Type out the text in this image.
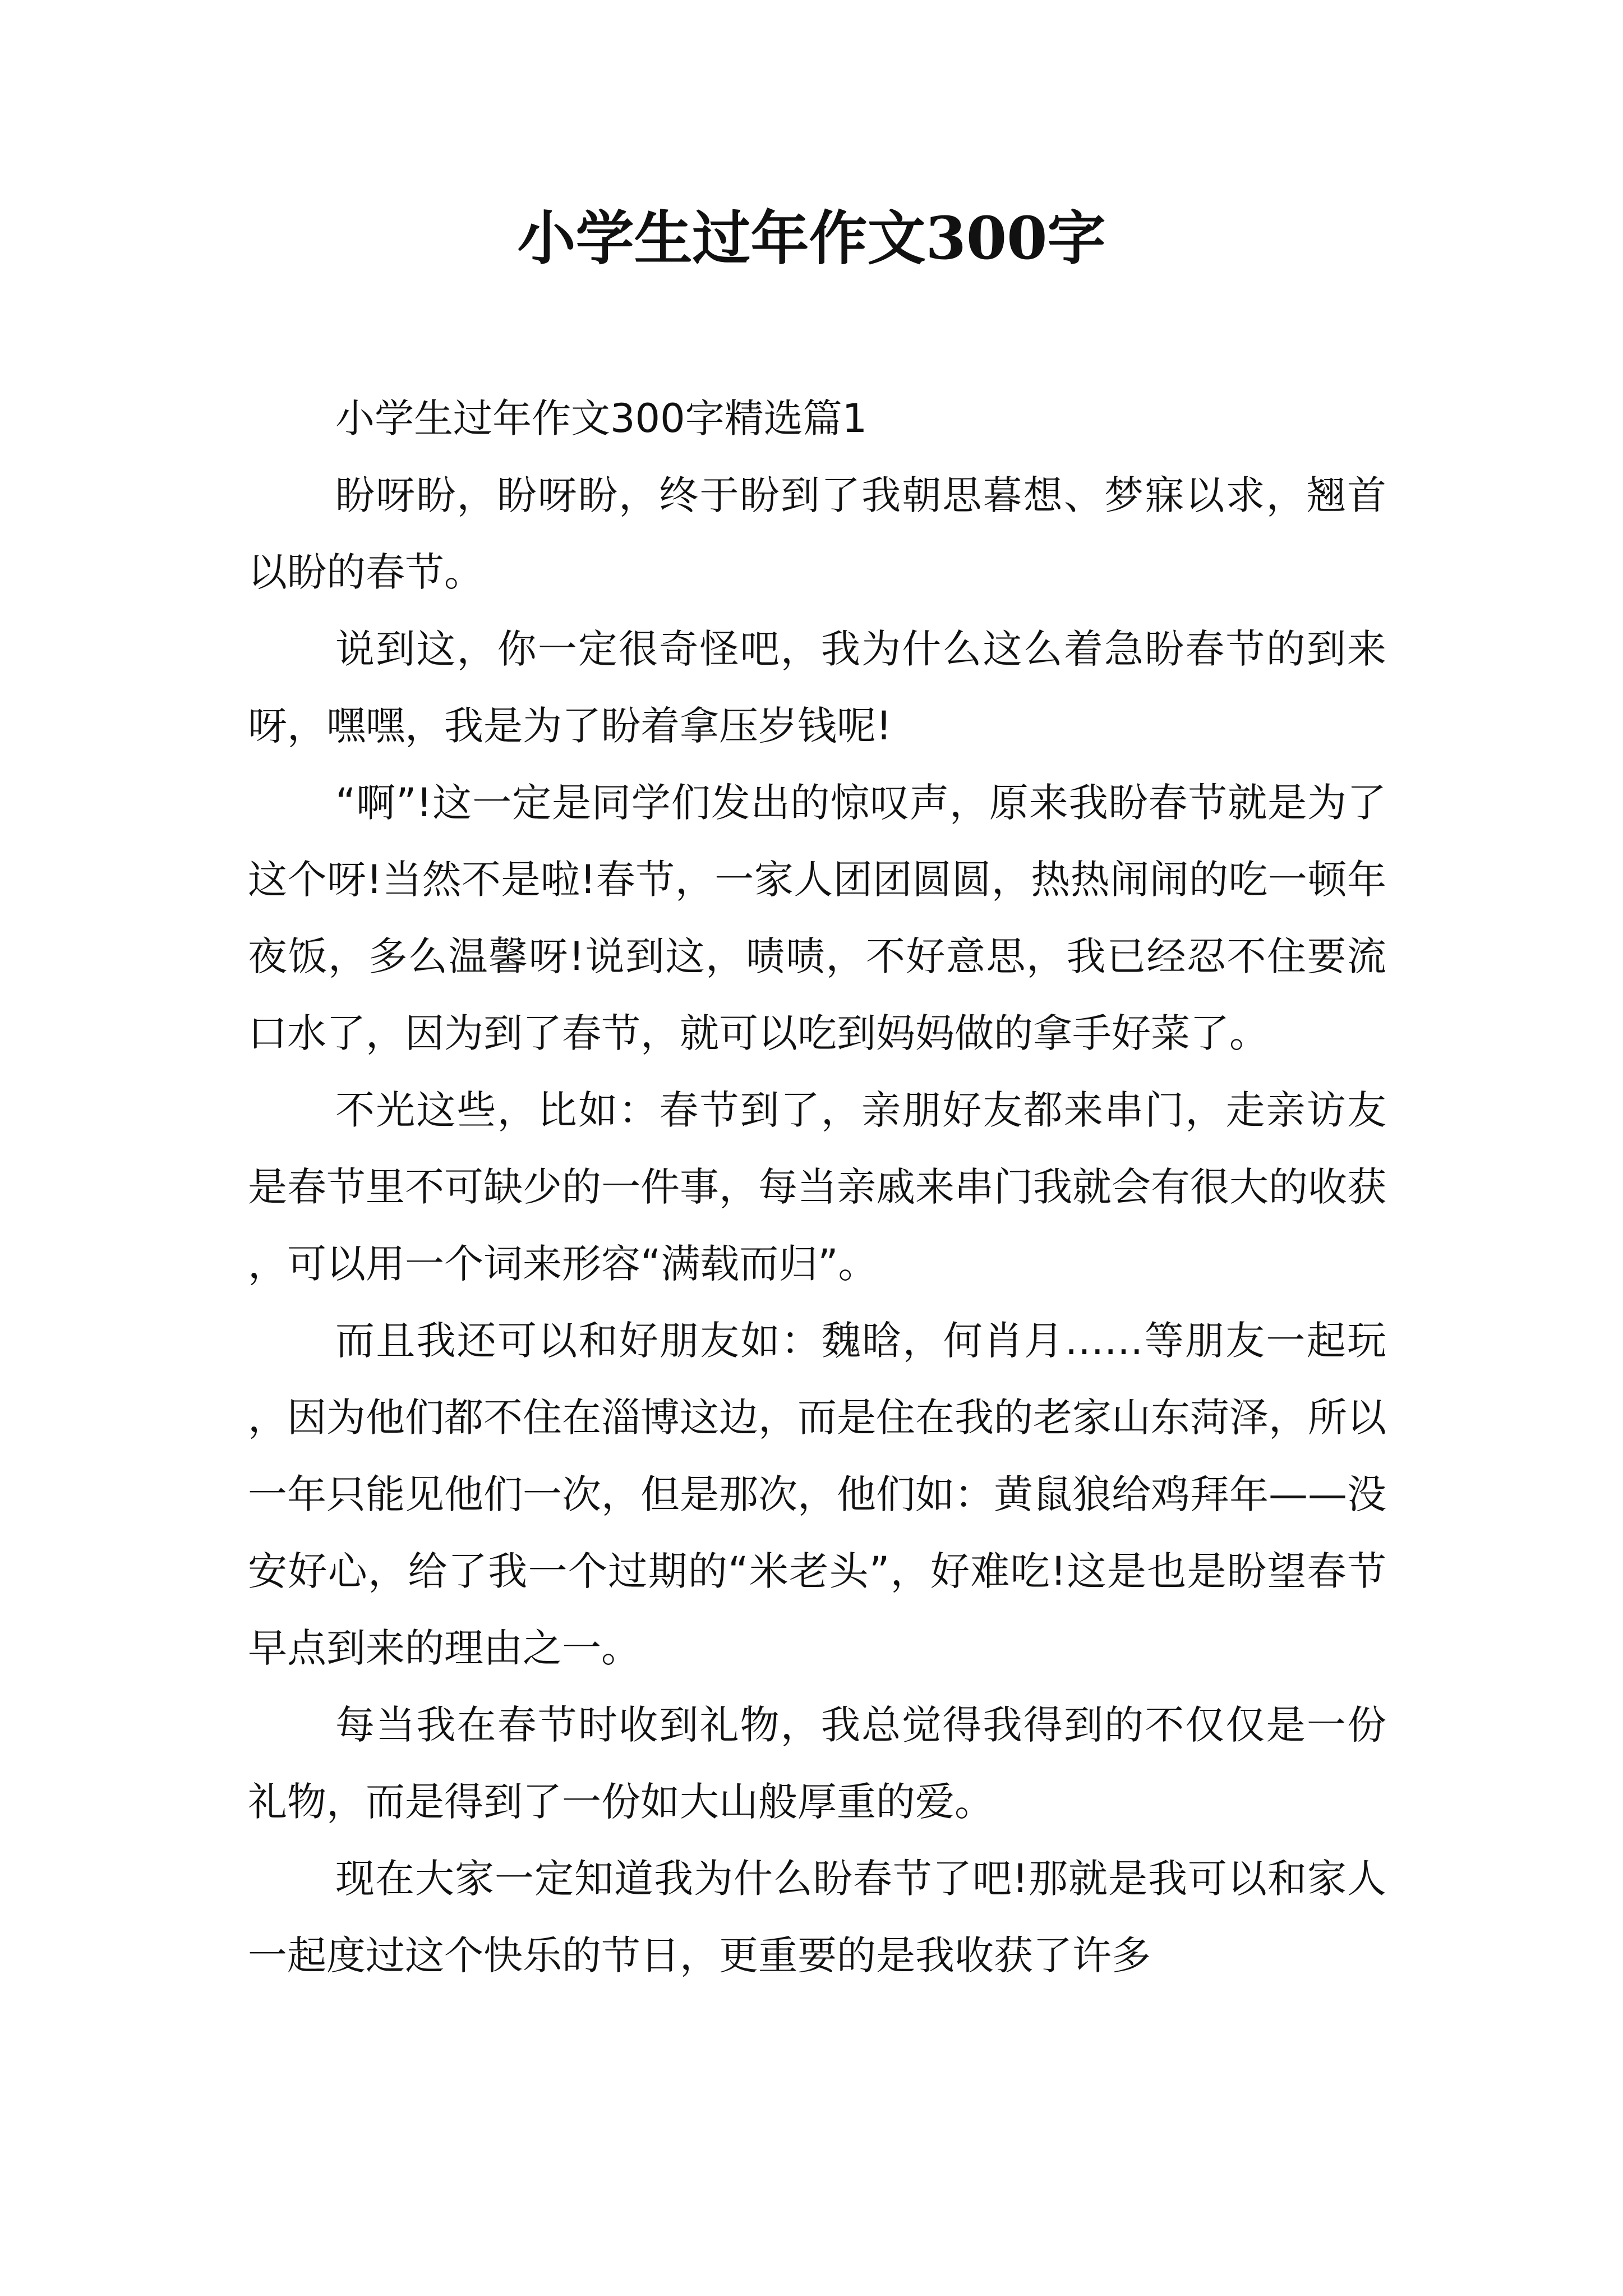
小学生过年作文300字

小学生过年作文300字精选篇1

盼呀盼，盼呀盼，终于盼到了我朝思暮想、梦寐以求，翘首以盼的春节。

说到这，你一定很奇怪吧，我为什么这么着急盼春节的到来呀，嘿嘿，我是为了盼着拿压岁钱呢!

“啊”!这一定是同学们发出的惊叹声，原来我盼春节就是为了这个呀!当然不是啦!春节，一家人团团圆圆，热热闹闹的吃一顿年夜饭，多么温馨呀!说到这，啧啧，不好意思，我已经忍不住要流口水了，因为到了春节，就可以吃到妈妈做的拿手好菜了。

不光这些，比如：春节到了，亲朋好友都来串门，走亲访友是春节里不可缺少的一件事，每当亲戚来串门我就会有很大的收获，可以用一个词来形容“满载而归”。

而且我还可以和好朋友如：魏晗，何肖月……等朋友一起玩，因为他们都不住在淄博这边，而是住在我的老家山东菏泽，所以一年只能见他们一次，但是那次，他们如：黄鼠狼给鸡拜年——没安好心，给了我一个过期的“米老头”，好难吃!这是也是盼望春节早点到来的理由之一。

每当我在春节时收到礼物，我总觉得我得到的不仅仅是一份礼物，而是得到了一份如大山般厚重的爱。

现在大家一定知道我为什么盼春节了吧!那就是我可以和家人一起度过这个快乐的节日，更重要的是我收获了许多
